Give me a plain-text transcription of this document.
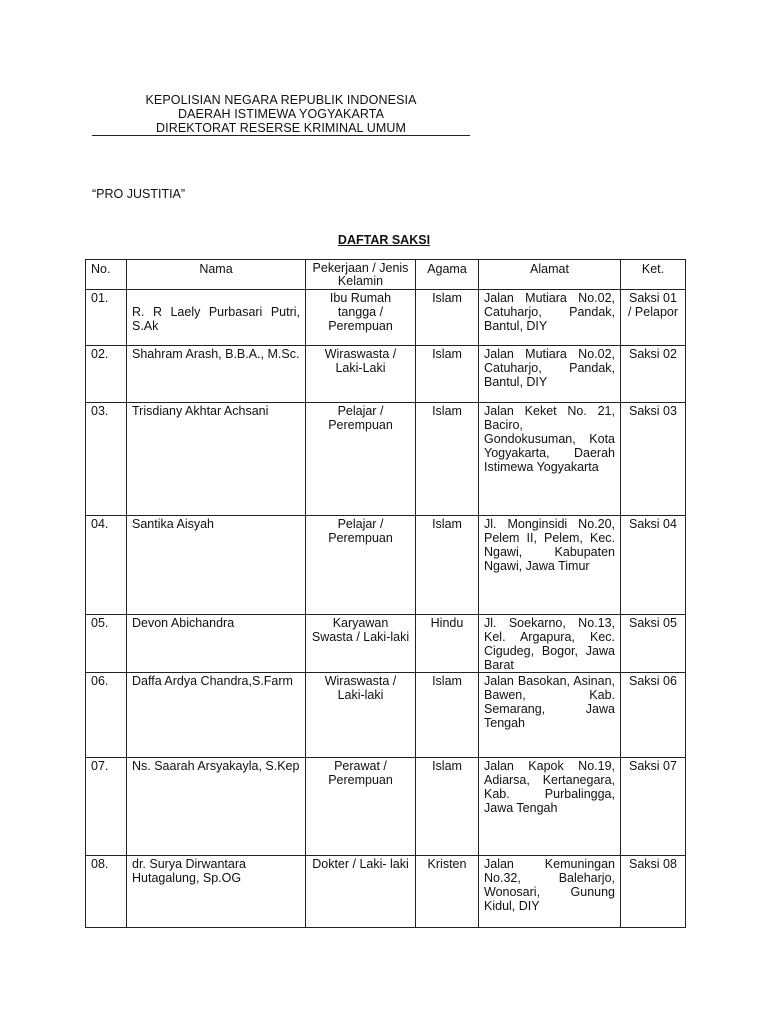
KEPOLISIAN NEGARA REPUBLIK INDONESIA
DAERAH ISTIMEWA YOGYAKARTA
DIREKTORAT RESERSE KRIMINAL UMUM
“PRO JUSTITIA”
DAFTAR SAKSI
No.	Nama	Pekerjaan / Jenis Kelamin	Agama	Alamat	Ket.
01.	R. R Laely Purbasari Putri, S.Ak	Ibu Rumah tangga / Perempuan	Islam	Jalan Mutiara No.02, Catuharjo, Pandak, Bantul, DIY	Saksi 01 / Pelapor
02.	Shahram Arash, B.B.A., M.Sc.	Wiraswasta / Laki-Laki	Islam	Jalan Mutiara No.02, Catuharjo, Pandak, Bantul, DIY	Saksi 02
03.	Trisdiany Akhtar Achsani	Pelajar / Perempuan	Islam	Jalan Keket No. 21, Baciro, Gondokusuman, Kota Yogyakarta, Daerah Istimewa Yogyakarta	Saksi 03
04.	Santika Aisyah	Pelajar / Perempuan	Islam	Jl. Monginsidi No.20, Pelem II, Pelem, Kec. Ngawi, Kabupaten Ngawi, Jawa Timur	Saksi 04
05.	Devon Abichandra	Karyawan Swasta / Laki-laki	Hindu	Jl. Soekarno, No.13, Kel. Argapura, Kec. Cigudeg, Bogor, Jawa Barat	Saksi 05
06.	Daffa Ardya Chandra,S.Farm	Wiraswasta / Laki-laki	Islam	Jalan Basokan, Asinan, Bawen, Kab. Semarang, Jawa Tengah	Saksi 06
07.	Ns. Saarah Arsyakayla, S.Kep	Perawat / Perempuan	Islam	Jalan Kapok No.19, Adiarsa, Kertanegara, Kab. Purbalingga, Jawa Tengah	Saksi 07
08.	dr. Surya Dirwantara Hutagalung, Sp.OG	Dokter / Laki- laki	Kristen	Jalan Kemuningan No.32, Baleharjo, Wonosari, Gunung Kidul, DIY	Saksi 08
